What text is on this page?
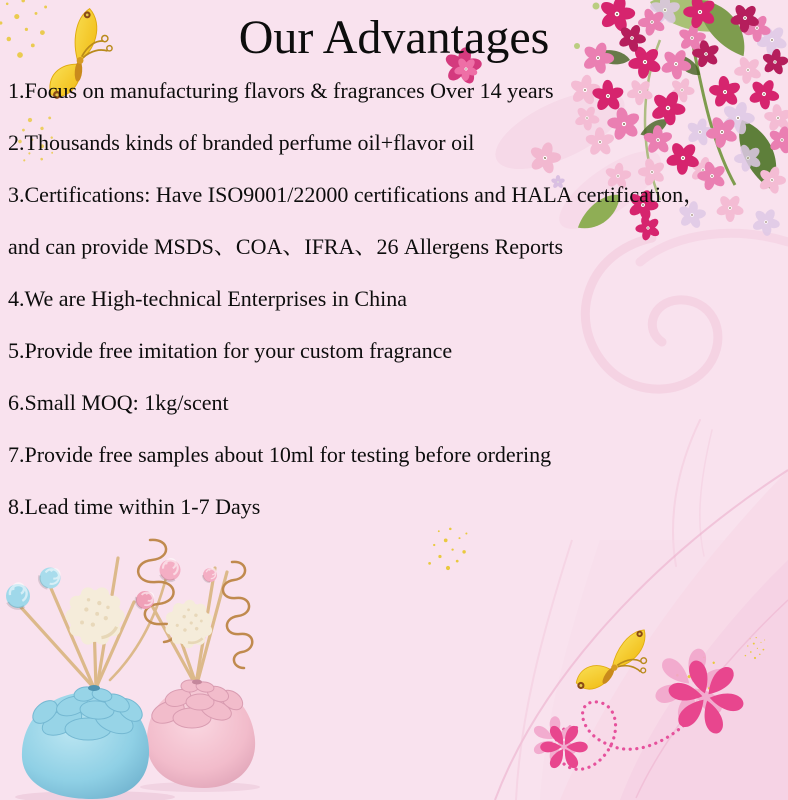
Our Advantages
1.Focus on manufacturing flavors & fragrances Over 14 years
2.Thousands kinds of branded perfume oil+flavor oil
3.Certifications: Have ISO9001/22000 certifications and HALA certification，
and can provide MSDS、COA、IFRA、26 Allergens Reports
4.We are High-technical Enterprises in China
5.Provide free imitation for your custom fragrance
6.Small MOQ: 1kg/scent
7.Provide free samples about 10ml for testing before ordering
8.Lead time within 1-7 Days
